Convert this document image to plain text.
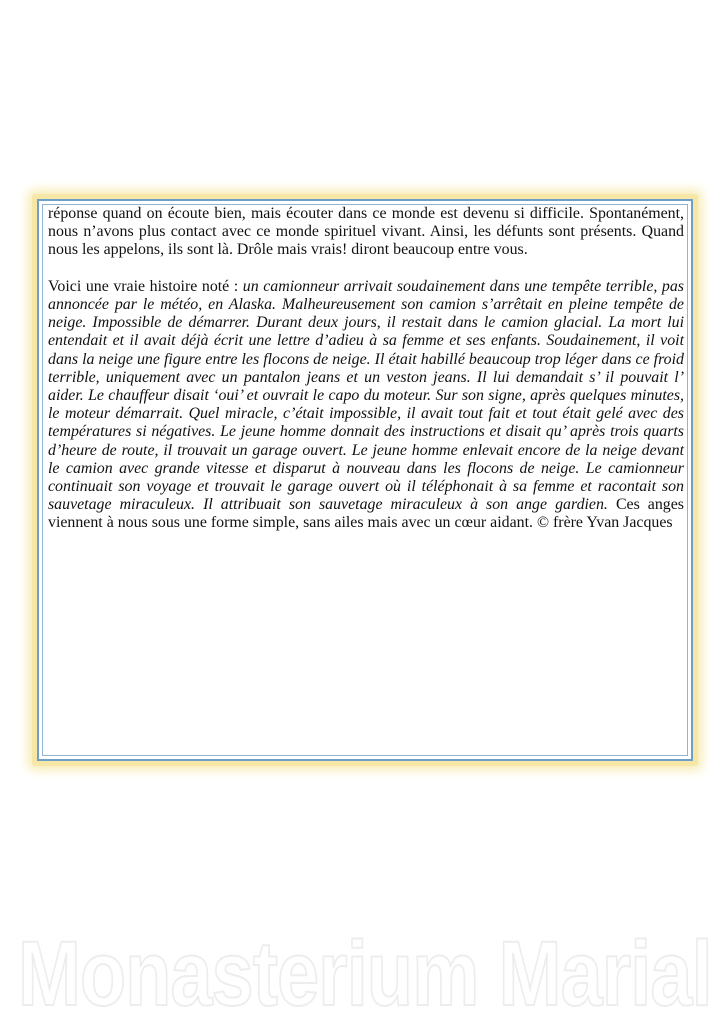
réponse quand on écoute bien, mais écouter dans ce monde est devenu si difficile. Spontanément, nous n’avons plus contact avec ce monde spirituel vivant. Ainsi, les défunts sont présents. Quand nous les appelons, ils sont là. Drôle mais vrais! diront beaucoup entre vous.

Voici une vraie histoire noté : un camionneur arrivait soudainement dans une tempête terrible, pas annoncée par le météo, en Alaska. Malheureusement son camion s’arrêtait en pleine tempête de neige. Impossible de démarrer. Durant deux jours, il restait dans le camion glacial. La mort lui entendait et il avait déjà écrit une lettre d’adieu à sa femme et ses enfants. Soudainement, il voit dans la neige une figure entre les flocons de neige. Il était habillé beaucoup trop léger dans ce froid terrible, uniquement avec un pantalon jeans et un veston jeans. Il lui demandait s’ il pouvait l’ aider. Le chauffeur disait ‘oui’ et ouvrait le capo du moteur. Sur son signe, après quelques minutes, le moteur démarrait. Quel miracle, c’était impossible, il avait tout fait et tout était gelé avec des températures si négatives. Le jeune homme donnait des instructions et disait qu’ après trois quarts d’heure de route, il trouvait un garage ouvert. Le jeune homme enlevait encore de la neige devant le camion avec grande vitesse et disparut à nouveau dans les flocons de neige. Le camionneur continuait son voyage et trouvait le garage ouvert où il téléphonait à sa femme et racontait son sauvetage miraculeux. Il attribuait son sauvetage miraculeux à son ange gardien. Ces anges viennent à nous sous une forme simple, sans ailes mais avec un cœur aidant. © frère Yvan Jacques

Monasterium Marial
